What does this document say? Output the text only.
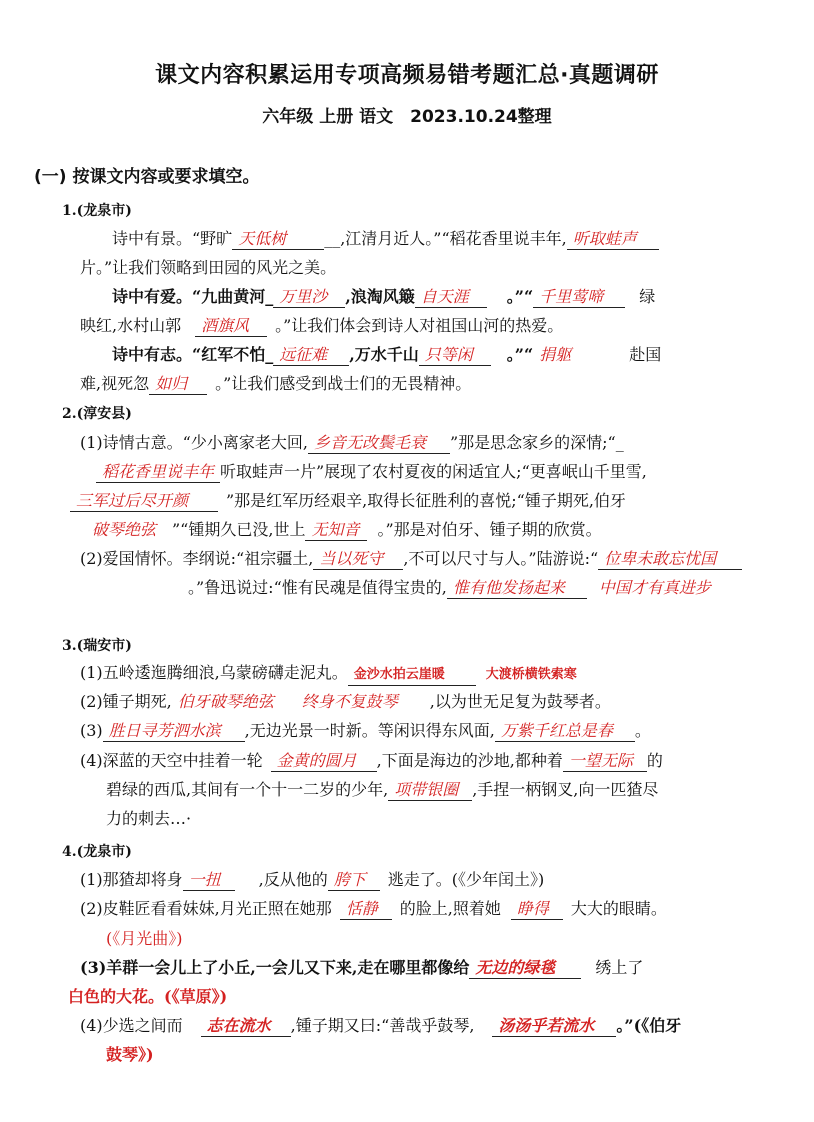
课文内容积累运用专项高频易错考题汇总·真题调研
六年级 上册 语文　2023.10.24整理
(一) 按课文内容或要求填空。
1.(龙泉市)
诗中有景。“野旷 天低树 __,江清月近人。”“稻花香里说丰年, 听取蛙声
片。”让我们领略到田园的风光之美。
诗中有爱。“九曲黄河_ 万里沙 ,浪淘风簸 自天涯 。”“ 千里莺啼 绿
映红,水村山郭 酒旗风 。”让我们体会到诗人对祖国山河的热爱。
诗中有志。“红军不怕_ 远征难 ,万水千山 只等闲 。”“ 捐躯	赴国
难,视死忽 如归 。”让我们感受到战士们的无畏精神。
2.(淳安县)
(1)诗情古意。“少小离家老大回, 乡音无改鬓毛衰 ”那是思念家乡的深情;“_
稻花香里说丰年 听取蛙声一片”展现了农村夏夜的闲适宜人;“更喜岷山千里雪,
三军过后尽开颜 ”那是红军历经艰辛,取得长征胜利的喜悦;“锺子期死,伯牙
破琴绝弦 ”“锺期久已没,世上 无知音 。”那是对伯牙、锺子期的欣赏。
(2)爱国情怀。李纲说:“祖宗疆土, 当以死守 ,不可以尺寸与人。”陆游说:“ 位卑未敢忘忧国
。”鲁迅说过:“惟有民魂是值得宝贵的, 惟有他发扬起来 中国才有真进步
3.(瑞安市)
(1)五岭逶迤腾细浪,乌蒙磅礴走泥丸。 金沙水拍云崖暖	大渡桥横铁索寒
(2)锺子期死, 伯牙破琴绝弦 终身不复鼓琴 ,以为世无足复为鼓琴者。
(3) 胜日寻芳泗水滨 ,无边光景一时新。等闲识得东风面, 万紫千红总是春 。
(4)深蓝的天空中挂着一轮 金黄的圆月 ,下面是海边的沙地,都种着 一望无际 的
碧绿的西瓜,其间有一个十一二岁的少年, 项带银圈 ,手捏一柄钢叉,向一匹猹尽
力的刺去…·
4.(龙泉市)
(1)那猹却将身 一扭 ,反从他的 胯下 逃走了。(《少年闰土》)
(2)皮鞋匠看看妹妹,月光正照在她那 恬静 的脸上,照着她 睁得 大大的眼睛。
(《月光曲》)
(3)羊群一会儿上了小丘,一会儿又下来,走在哪里都像给 无边的绿毯 绣上了
白色的大花。(《草原》)
(4)少选之间而 志在流水 ,锺子期又曰:“善哉乎鼓琴, 汤汤乎若流水 。”(《伯牙
鼓琴》)
